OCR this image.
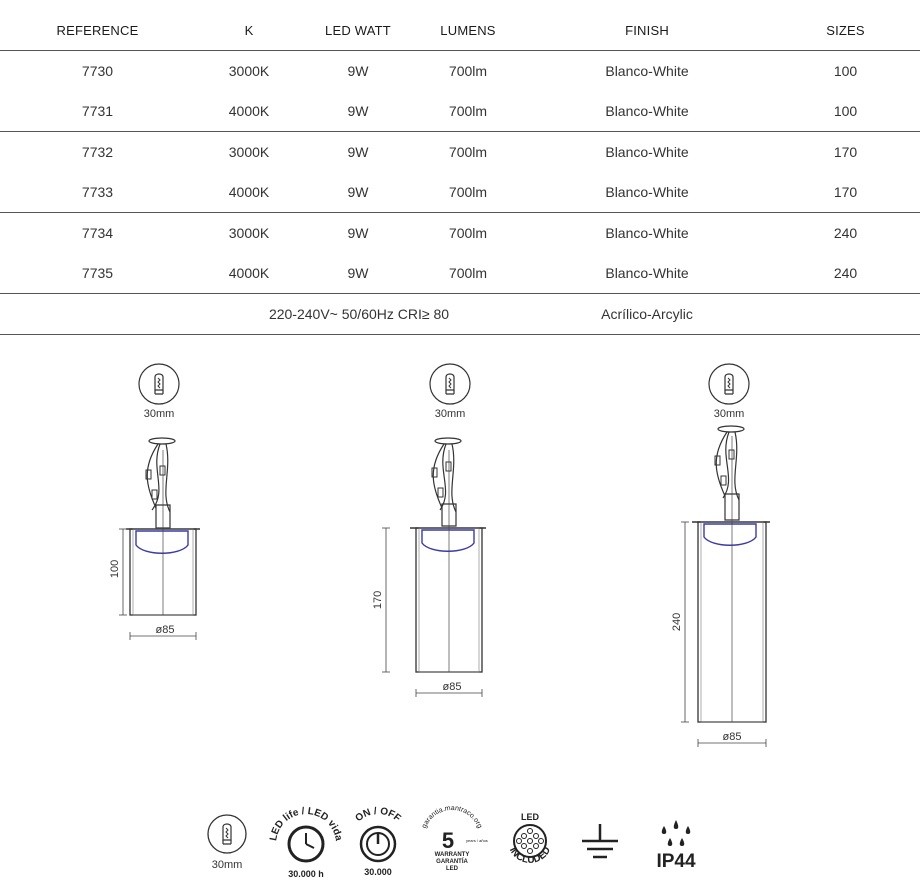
REFERENCE	K	LED WATT	LUMENS	FINISH	SIZES
7730	3000K	9W	700lm	Blanco-White	100
7731	4000K	9W	700lm	Blanco-White	100
7732	3000K	9W	700lm	Blanco-White	170
7733	4000K	9W	700lm	Blanco-White	170
7734	3000K	9W	700lm	Blanco-White	240
7735	4000K	9W	700lm	Blanco-White	240
	220-240V~ 50/60Hz CRI≥ 80			Acrílico-Arcylic	
30mm
100
ø85
30mm
170
ø85
30mm
240
ø85
30mm
LED life / LED vida
30.000 h
ON / OFF
30.000
garantia.mantraco.org
5	years / años
WARRANTY
GARANTÍA
LED
LED
INCLUDED	IP44
